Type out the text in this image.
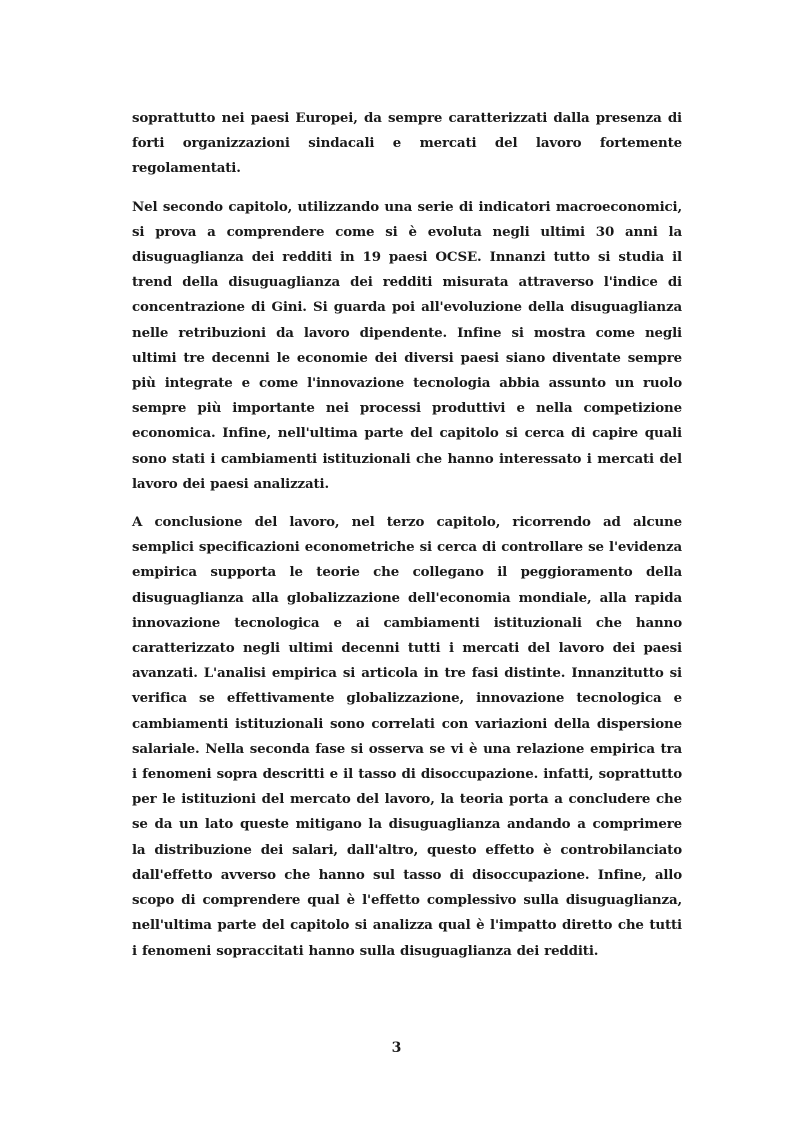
soprattutto nei paesi Europei, da sempre caratterizzati dalla presenza di forti organizzazioni sindacali e mercati del lavoro fortemente regolamentati.

Nel secondo capitolo, utilizzando una serie di indicatori macroeconomici, si prova a comprendere come si è evoluta negli ultimi 30 anni la disuguaglianza dei redditi in 19 paesi OCSE. Innanzi tutto si studia il trend della disuguaglianza dei redditi misurata attraverso l'indice di concentrazione di Gini. Si guarda poi all'evoluzione della disuguaglianza nelle retribuzioni da lavoro dipendente. Infine si mostra come negli ultimi tre decenni le economie dei diversi paesi siano diventate sempre più integrate e come l'innovazione tecnologia abbia assunto un ruolo sempre più importante nei processi produttivi e nella competizione economica. Infine, nell'ultima parte del capitolo si cerca di capire quali sono stati i cambiamenti istituzionali che hanno interessato i mercati del lavoro dei paesi analizzati.

A conclusione del lavoro, nel terzo capitolo, ricorrendo ad alcune semplici specificazioni econometriche si cerca di controllare se l'evidenza empirica supporta le teorie che collegano il peggioramento della disuguaglianza alla globalizzazione dell'economia mondiale, alla rapida innovazione tecnologica e ai cambiamenti istituzionali che hanno caratterizzato negli ultimi decenni tutti i mercati del lavoro dei paesi avanzati. L'analisi empirica si articola in tre fasi distinte. Innanzitutto si verifica se effettivamente globalizzazione, innovazione tecnologica e cambiamenti istituzionali sono correlati con variazioni della dispersione salariale. Nella seconda fase si osserva se vi è una relazione empirica tra i fenomeni sopra descritti e il tasso di disoccupazione. infatti, soprattutto per le istituzioni del mercato del lavoro, la teoria porta a concludere che se da un lato queste mitigano la disuguaglianza andando a comprimere la distribuzione dei salari, dall'altro, questo effetto è controbilanciato dall'effetto avverso che hanno sul tasso di disoccupazione. Infine, allo scopo di comprendere qual è l'effetto complessivo sulla disuguaglianza, nell'ultima parte del capitolo si analizza qual è l'impatto diretto che tutti i fenomeni sopraccitati hanno sulla disuguaglianza dei redditi.

3
